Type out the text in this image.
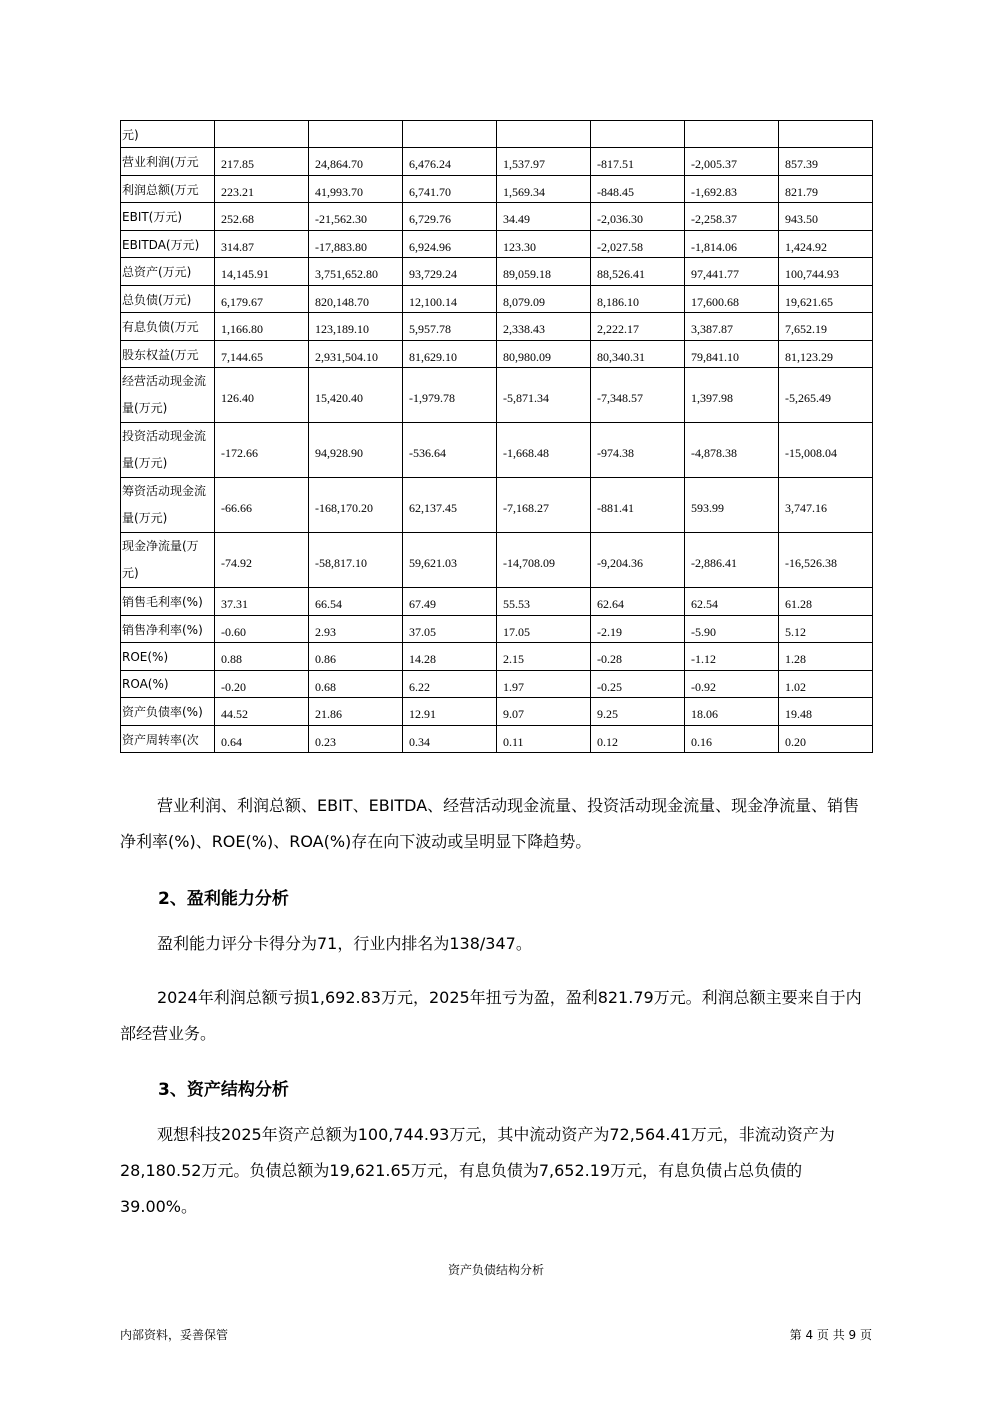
元)							
营业利润(万元	217.85	24,864.70	6,476.24	1,537.97	-817.51	-2,005.37	857.39
利润总额(万元	223.21	41,993.70	6,741.70	1,569.34	-848.45	-1,692.83	821.79
EBIT(万元)	252.68	-21,562.30	6,729.76	34.49	-2,036.30	-2,258.37	943.50
EBITDA(万元)	314.87	-17,883.80	6,924.96	123.30	-2,027.58	-1,814.06	1,424.92
总资产(万元)	14,145.91	3,751,652.80	93,729.24	89,059.18	88,526.41	97,441.77	100,744.93
总负债(万元)	6,179.67	820,148.70	12,100.14	8,079.09	8,186.10	17,600.68	19,621.65
有息负债(万元	1,166.80	123,189.10	5,957.78	2,338.43	2,222.17	3,387.87	7,652.19
股东权益(万元	7,144.65	2,931,504.10	81,629.10	80,980.09	80,340.31	79,841.10	81,123.29
经营活动现金流量(万元)	126.40	15,420.40	-1,979.78	-5,871.34	-7,348.57	1,397.98	-5,265.49
投资活动现金流量(万元)	-172.66	94,928.90	-536.64	-1,668.48	-974.38	-4,878.38	-15,008.04
筹资活动现金流量(万元)	-66.66	-168,170.20	62,137.45	-7,168.27	-881.41	593.99	3,747.16
现金净流量(万元)	-74.92	-58,817.10	59,621.03	-14,708.09	-9,204.36	-2,886.41	-16,526.38
销售毛利率(%)	37.31	66.54	67.49	55.53	62.64	62.54	61.28
销售净利率(%)	-0.60	2.93	37.05	17.05	-2.19	-5.90	5.12
ROE(%)	0.88	0.86	14.28	2.15	-0.28	-1.12	1.28
ROA(%)	-0.20	0.68	6.22	1.97	-0.25	-0.92	1.02
资产负债率(%)	44.52	21.86	12.91	9.07	9.25	18.06	19.48
资产周转率(次	0.64	0.23	0.34	0.11	0.12	0.16	0.20
营业利润、利润总额、EBIT、EBITDA、经营活动现金流量、投资活动现金流量、现金净流量、销售净利率(%)、ROE(%)、ROA(%)存在向下波动或呈明显下降趋势。
2、盈利能力分析
盈利能力评分卡得分为71，行业内排名为138/347。
2024年利润总额亏损1,692.83万元，2025年扭亏为盈，盈利821.79万元。利润总额主要来自于内部经营业务。
3、资产结构分析
观想科技2025年资产总额为100,744.93万元，其中流动资产为72,564.41万元，非流动资产为28,180.52万元。负债总额为19,621.65万元，有息负债为7,652.19万元，有息负债占总负债的39.00%。
资产负债结构分析
内部资料，妥善保管	第 4 页 共 9 页
